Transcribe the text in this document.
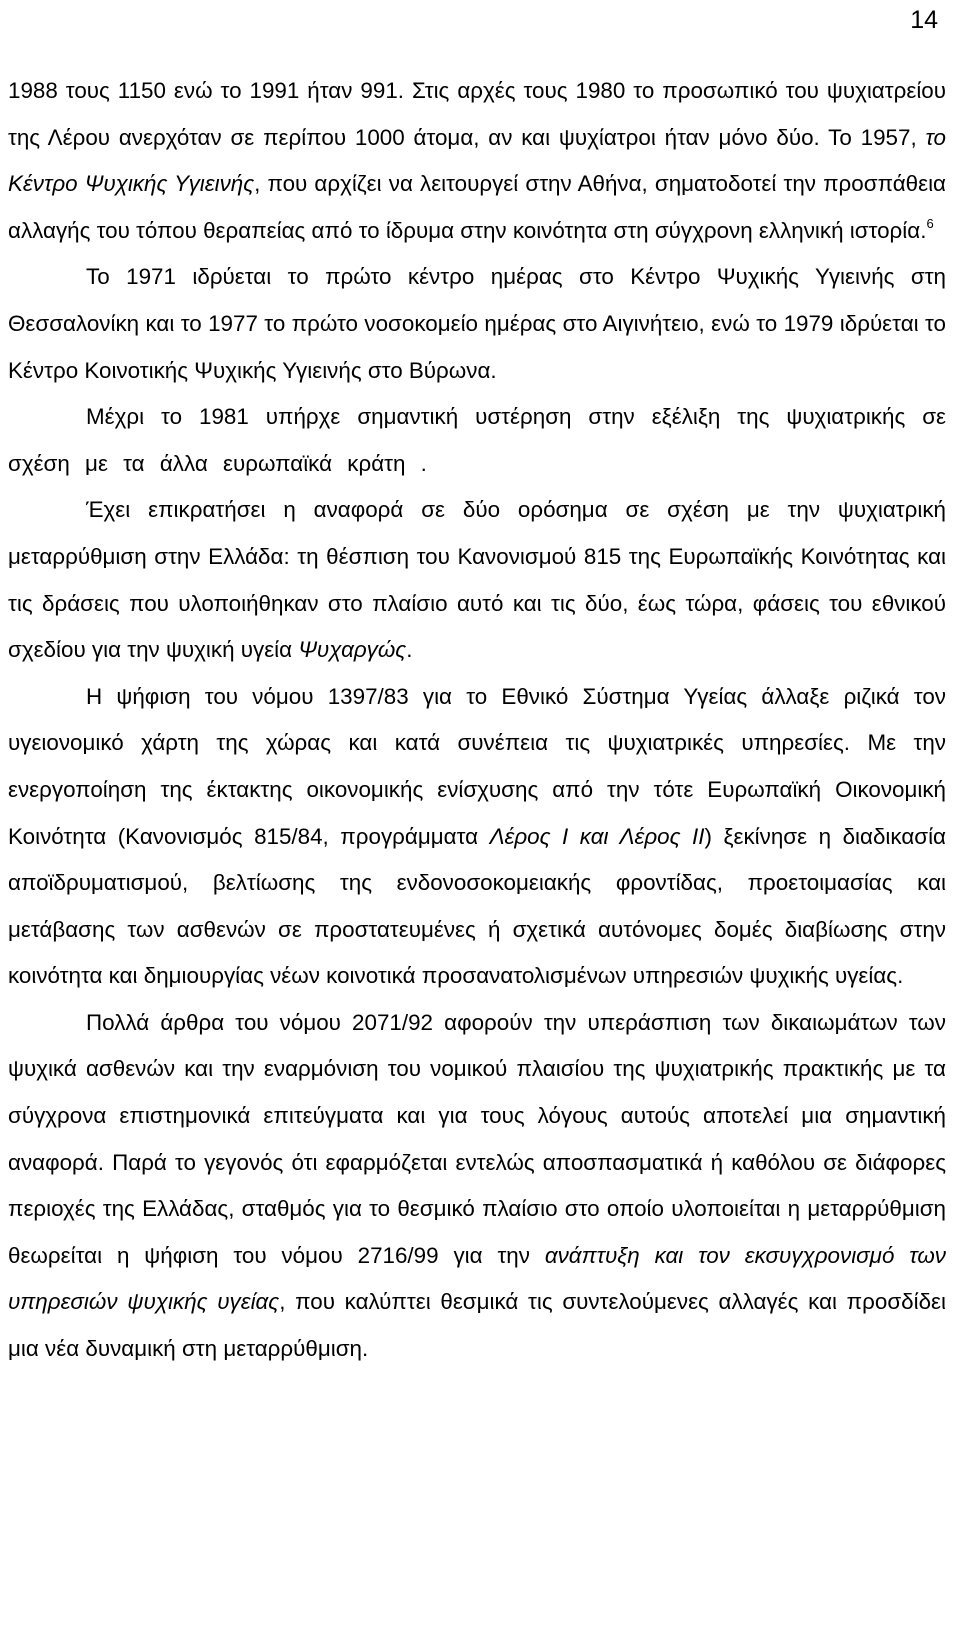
14

1988 τους 1150 ενώ το 1991 ήταν 991. Στις αρχές τους 1980 το προσωπικό του ψυχιατρείου της Λέρου ανερχόταν σε περίπου 1000 άτομα, αν και ψυχίατροι ήταν μόνο δύο. Το 1957, το Κέντρο Ψυχικής Υγιεινής, που αρχίζει να λειτουργεί στην Αθήνα, σηματοδοτεί την προσπάθεια αλλαγής του τόπου θεραπείας από το ίδρυμα στην κοινότητα στη σύγχρονη ελληνική ιστορία.$^6$

Το 1971 ιδρύεται το πρώτο κέντρο ημέρας στο Κέντρο Ψυχικής Υγιεινής στη Θεσσαλονίκη και το 1977 το πρώτο νοσοκομείο ημέρας στο Αιγινήτειο, ενώ το 1979 ιδρύεται το Κέντρο Κοινοτικής Ψυχικής Υγιεινής στο Βύρωνα.

Μέχρι το 1981 υπήρχε σημαντική υστέρηση στην εξέλιξη της ψυχιατρικής σε σχέση με τα άλλα ευρωπαϊκά κράτη .

Έχει επικρατήσει η αναφορά σε δύο ορόσημα σε σχέση με την ψυχιατρική μεταρρύθμιση στην Ελλάδα: τη θέσπιση του Κανονισμού 815 της Ευρωπαϊκής Κοινότητας και τις δράσεις που υλοποιήθηκαν στο πλαίσιο αυτό και τις δύο, έως τώρα, φάσεις του εθνικού σχεδίου για την ψυχική υγεία Ψυχαργώς.

Η ψήφιση του νόμου 1397/83 για το Εθνικό Σύστημα Υγείας άλλαξε ριζικά τον υγειονομικό χάρτη της χώρας και κατά συνέπεια τις ψυχιατρικές υπηρεσίες. Με την ενεργοποίηση της έκτακτης οικονομικής ενίσχυσης από την τότε Ευρωπαϊκή Οικονομική Κοινότητα (Κανονισμός 815/84, προγράμματα Λέρος Ι και Λέρος ΙΙ) ξεκίνησε η διαδικασία αποϊδρυματισμού, βελτίωσης της ενδονοσοκομειακής φροντίδας, προετοιμασίας και μετάβασης των ασθενών σε προστατευμένες ή σχετικά αυτόνομες δομές διαβίωσης στην κοινότητα και δημιουργίας νέων κοινοτικά προσανατολισμένων υπηρεσιών ψυχικής υγείας.

Πολλά άρθρα του νόμου 2071/92 αφορούν την υπεράσπιση των δικαιωμάτων των ψυχικά ασθενών και την εναρμόνιση του νομικού πλαισίου της ψυχιατρικής πρακτικής με τα σύγχρονα επιστημονικά επιτεύγματα και για τους λόγους αυτούς αποτελεί μια σημαντική αναφορά. Παρά το γεγονός ότι εφαρμόζεται εντελώς αποσπασματικά ή καθόλου σε διάφορες περιοχές της Ελλάδας, σταθμός για το θεσμικό πλαίσιο στο οποίο υλοποιείται η μεταρρύθμιση θεωρείται η ψήφιση του νόμου 2716/99 για την ανάπτυξη και τον εκσυγχρονισμό των υπηρεσιών ψυχικής υγείας, που καλύπτει θεσμικά τις συντελούμενες αλλαγές και προσδίδει μια νέα δυναμική στη μεταρρύθμιση.
